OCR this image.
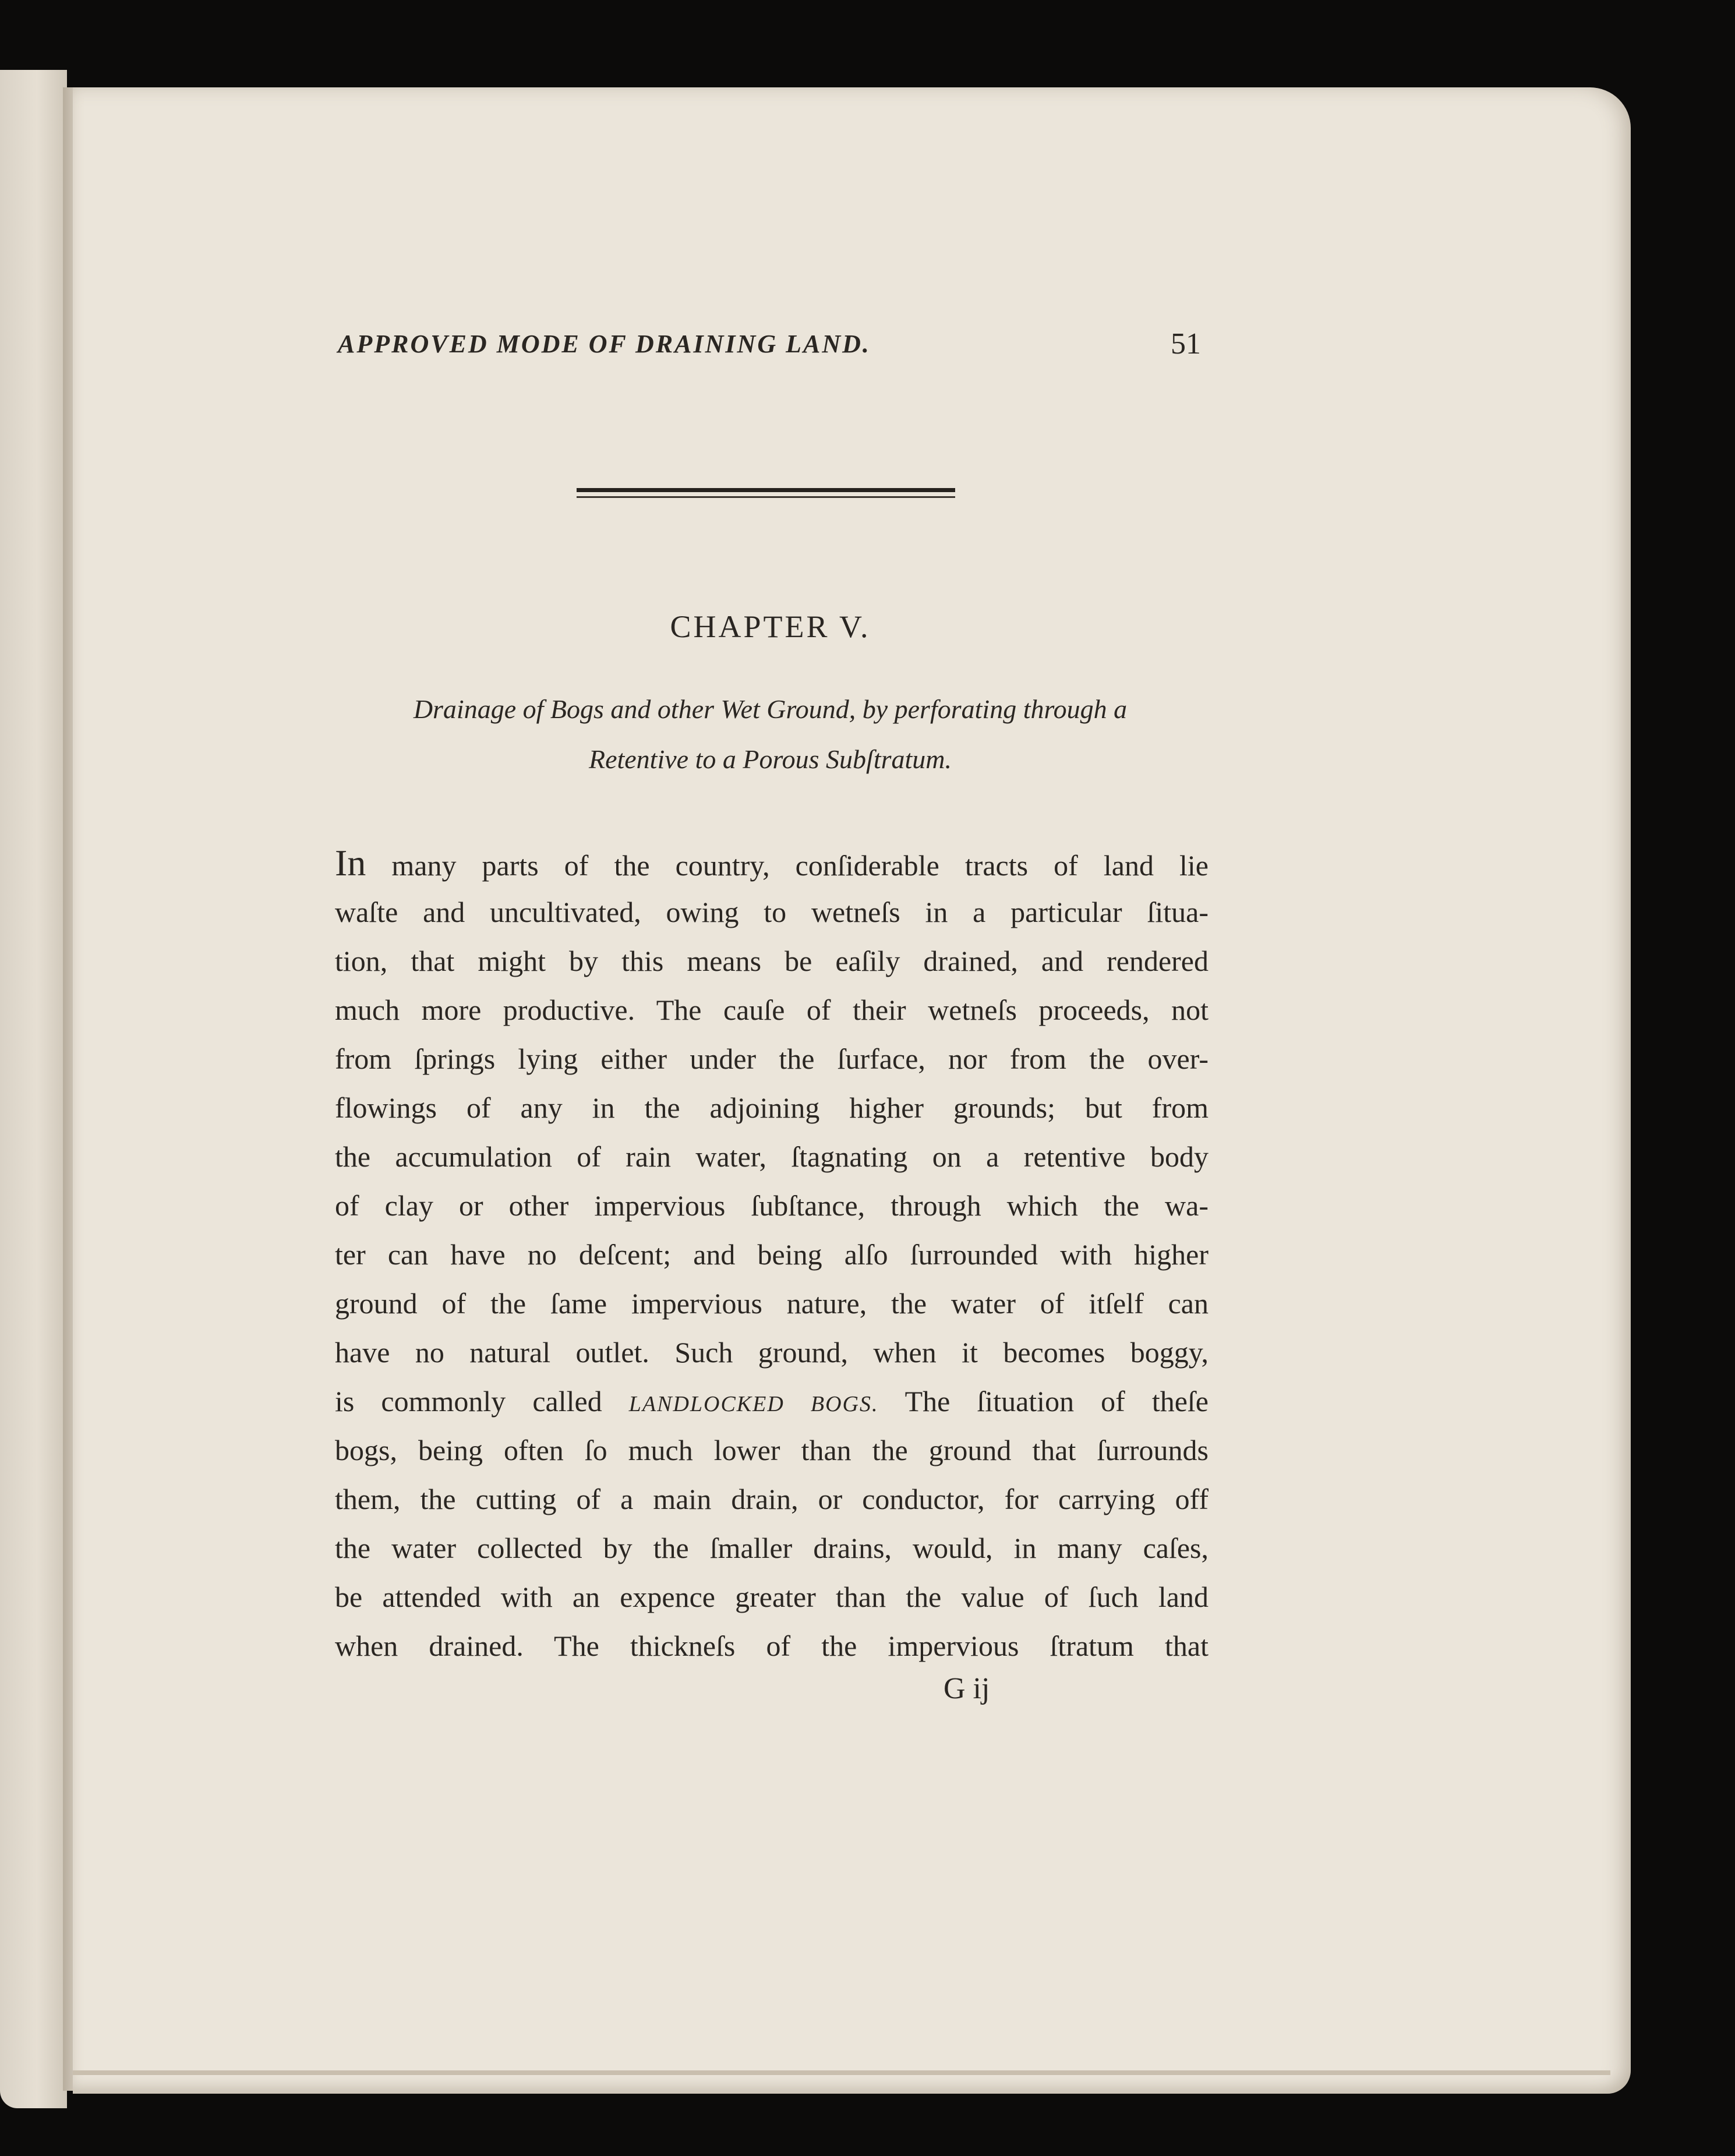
APPROVED MODE OF DRAINING LAND.	51
CHAPTER V.
Drainage of Bogs and other Wet Ground, by perforating through a
Retentive to a Porous Subſtratum.
In many parts of the country, conſiderable tracts of land lie
waſte and uncultivated, owing to wetneſs in a particular ſitua-
tion, that might by this means be eaſily drained, and rendered
much more productive. The cauſe of their wetneſs proceeds, not
from ſprings lying either under the ſurface, nor from the over-
flowings of any in the adjoining higher grounds; but from
the accumulation of rain water, ſtagnating on a retentive body
of clay or other impervious ſubſtance, through which the wa-
ter can have no deſcent; and being alſo ſurrounded with higher
ground of the ſame impervious nature, the water of itſelf can
have no natural outlet. Such ground, when it becomes boggy,
is commonly called LANDLOCKED BOGS. The ſituation of theſe
bogs, being often ſo much lower than the ground that ſurrounds
them, the cutting of a main drain, or conductor, for carrying off
the water collected by the ſmaller drains, would, in many caſes,
be attended with an expence greater than the value of ſuch land
when drained. The thickneſs of the impervious ſtratum that
G ij
